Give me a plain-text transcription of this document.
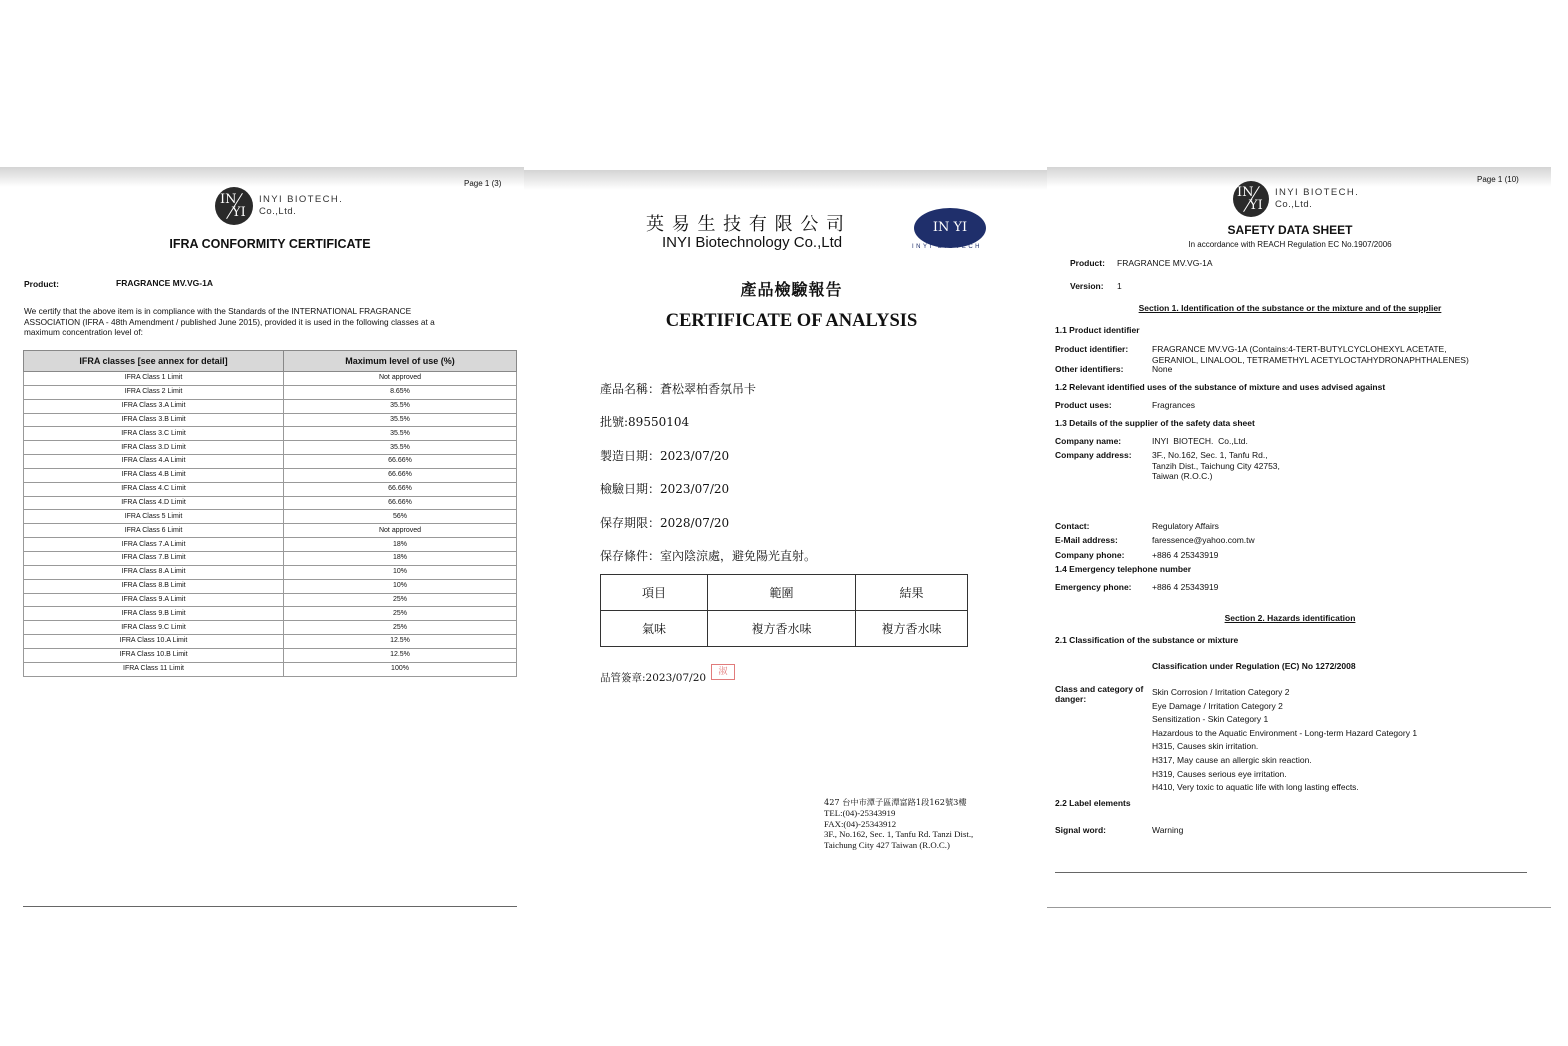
Page 1 (3)
IN
YI
INYI BIOTECH.
Co.,Ltd.
IFRA CONFORMITY CERTIFICATE
Product:	FRAGRANCE MV.VG-1A
We certify that the above item is in compliance with the Standards of the INTERNATIONAL FRAGRANCE
ASSOCIATION (IFRA - 48th Amendment / published June 2015), provided it is used in the following classes at a
maximum concentration level of:
IFRA classes [see annex for detail]	Maximum level of use (%)
IFRA Class 1 Limit	Not approved
IFRA Class 2 Limit	8.65%
IFRA Class 3.A Limit	35.5%
IFRA Class 3.B Limit	35.5%
IFRA Class 3.C Limit	35.5%
IFRA Class 3.D Limit	35.5%
IFRA Class 4.A Limit	66.66%
IFRA Class 4.B Limit	66.66%
IFRA Class 4.C Limit	66.66%
IFRA Class 4.D Limit	66.66%
IFRA Class 5 Limit	56%
IFRA Class 6 Limit	Not approved
IFRA Class 7.A Limit	18%
IFRA Class 7.B Limit	18%
IFRA Class 8.A Limit	10%
IFRA Class 8.B Limit	10%
IFRA Class 9.A Limit	25%
IFRA Class 9.B Limit	25%
IFRA Class 9.C Limit	25%
IFRA Class 10.A Limit	12.5%
IFRA Class 10.B Limit	12.5%
IFRA Class 11 Limit	100%
英 易 生 技 有 限 公 司
INYI Biotechnology Co.,Ltd
IN YI
INYI BIOTECH
產品檢驗報告
CERTIFICATE OF ANALYSIS
產品名稱：蒼松翠柏香氛吊卡
批號:89550104
製造日期：2023/07/20
檢驗日期：2023/07/20
保存期限：2028/07/20
保存條件：室內陰涼處，避免陽光直射。
項目	範圍	結果
氣味	複方香水味	複方香水味
品管簽章:2023/07/20	淑
427 台中市潭子區潭富路1段162號3樓
TEL:(04)-25343919
FAX:(04)-25343912
3F., No.162, Sec. 1, Tanfu Rd. Tanzi Dist.,
Taichung City 427 Taiwan (R.O.C.)
Page 1 (10)
IN
YI
INYI BIOTECH.
Co.,Ltd.
SAFETY DATA SHEET
In accordance with REACH Regulation EC No.1907/2006
Product: FRAGRANCE MV.VG-1A
Version: 1
Section 1. Identification of the substance or the mixture and of the supplier
1.1 Product identifier
Product identifier:	FRAGRANCE MV.VG-1A (Contains:4-TERT-BUTYLCYCLOHEXYL ACETATE,
GERANIOL, LINALOOL, TETRAMETHYL ACETYLOCTAHYDRONAPHTHALENES)
Other identifiers:	None
1.2 Relevant identified uses of the substance of mixture and uses advised against
Product uses:	Fragrances
1.3 Details of the supplier of the safety data sheet
Company name:	INYI  BIOTECH.  Co.,Ltd.
Company address: 3F., No.162, Sec. 1, Tanfu Rd.,
Tanzih Dist., Taichung City 42753,
Taiwan (R.O.C.)
Contact:	Regulatory Affairs
E-Mail address:	faressence@yahoo.com.tw
Company phone:	+886 4 25343919
1.4 Emergency telephone number
Emergency phone: +886 4 25343919
Section 2. Hazards identification
2.1 Classification of the substance or mixture
Classification under Regulation (EC) No 1272/2008
Class and category of
danger:
Skin Corrosion / Irritation Category 2
Eye Damage / Irritation Category 2
Sensitization - Skin Category 1
Hazardous to the Aquatic Environment - Long-term Hazard Category 1
H315, Causes skin irritation.
H317, May cause an allergic skin reaction.
H319, Causes serious eye irritation.
H410, Very toxic to aquatic life with long lasting effects.
2.2 Label elements
Signal word:	Warning
